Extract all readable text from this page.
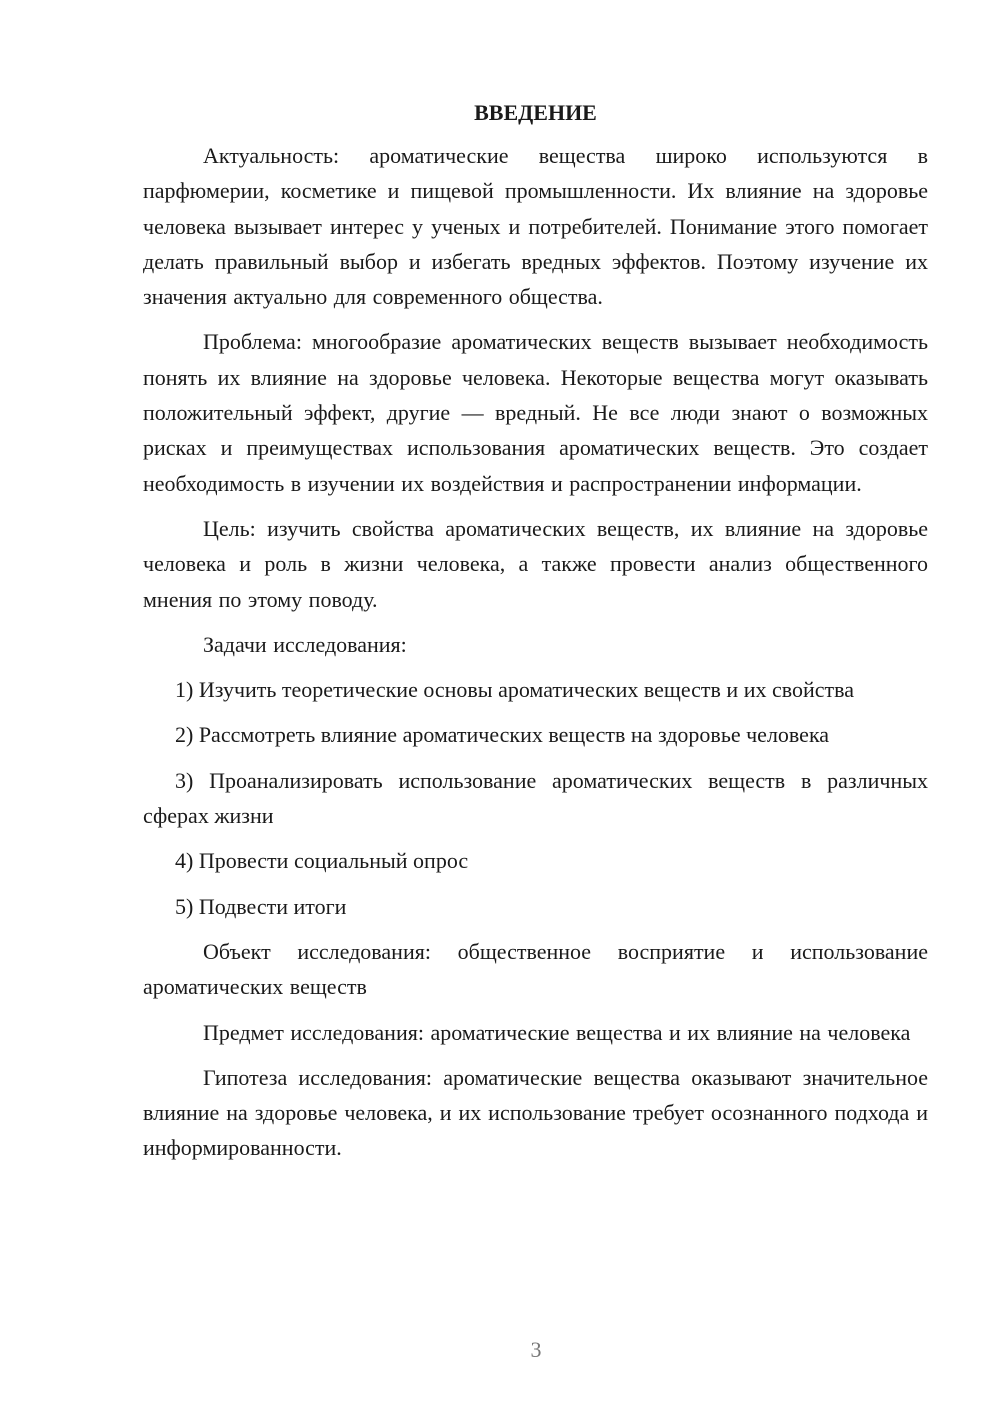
ВВЕДЕНИЕ

Актуальность: ароматические вещества широко используются в парфюмерии, косметике и пищевой промышленности. Их влияние на здоровье человека вызывает интерес у ученых и потребителей. Понимание этого помогает делать правильный выбор и избегать вредных эффектов. Поэтому изучение их значения актуально для современного общества.

Проблема: многообразие ароматических веществ вызывает необходимость понять их влияние на здоровье человека. Некоторые вещества могут оказывать положительный эффект, другие — вредный. Не все люди знают о возможных рисках и преимуществах использования ароматических веществ. Это создает необходимость в изучении их воздействия и распространении информации.

Цель: изучить свойства ароматических веществ, их влияние на здоровье человека и роль в жизни человека, а также провести анализ общественного мнения по этому поводу.

Задачи исследования:

1) Изучить теоретические основы ароматических веществ и их свойства

2) Рассмотреть влияние ароматических веществ на здоровье человека

3) Проанализировать использование ароматических веществ в различных сферах жизни

4) Провести социальный опрос

5) Подвести итоги

Объект исследования: общественное восприятие и использование ароматических веществ

Предмет исследования: ароматические вещества и их влияние на человека

Гипотеза исследования: ароматические вещества оказывают значительное влияние на здоровье человека, и их использование требует осознанного подхода и информированности.

3
